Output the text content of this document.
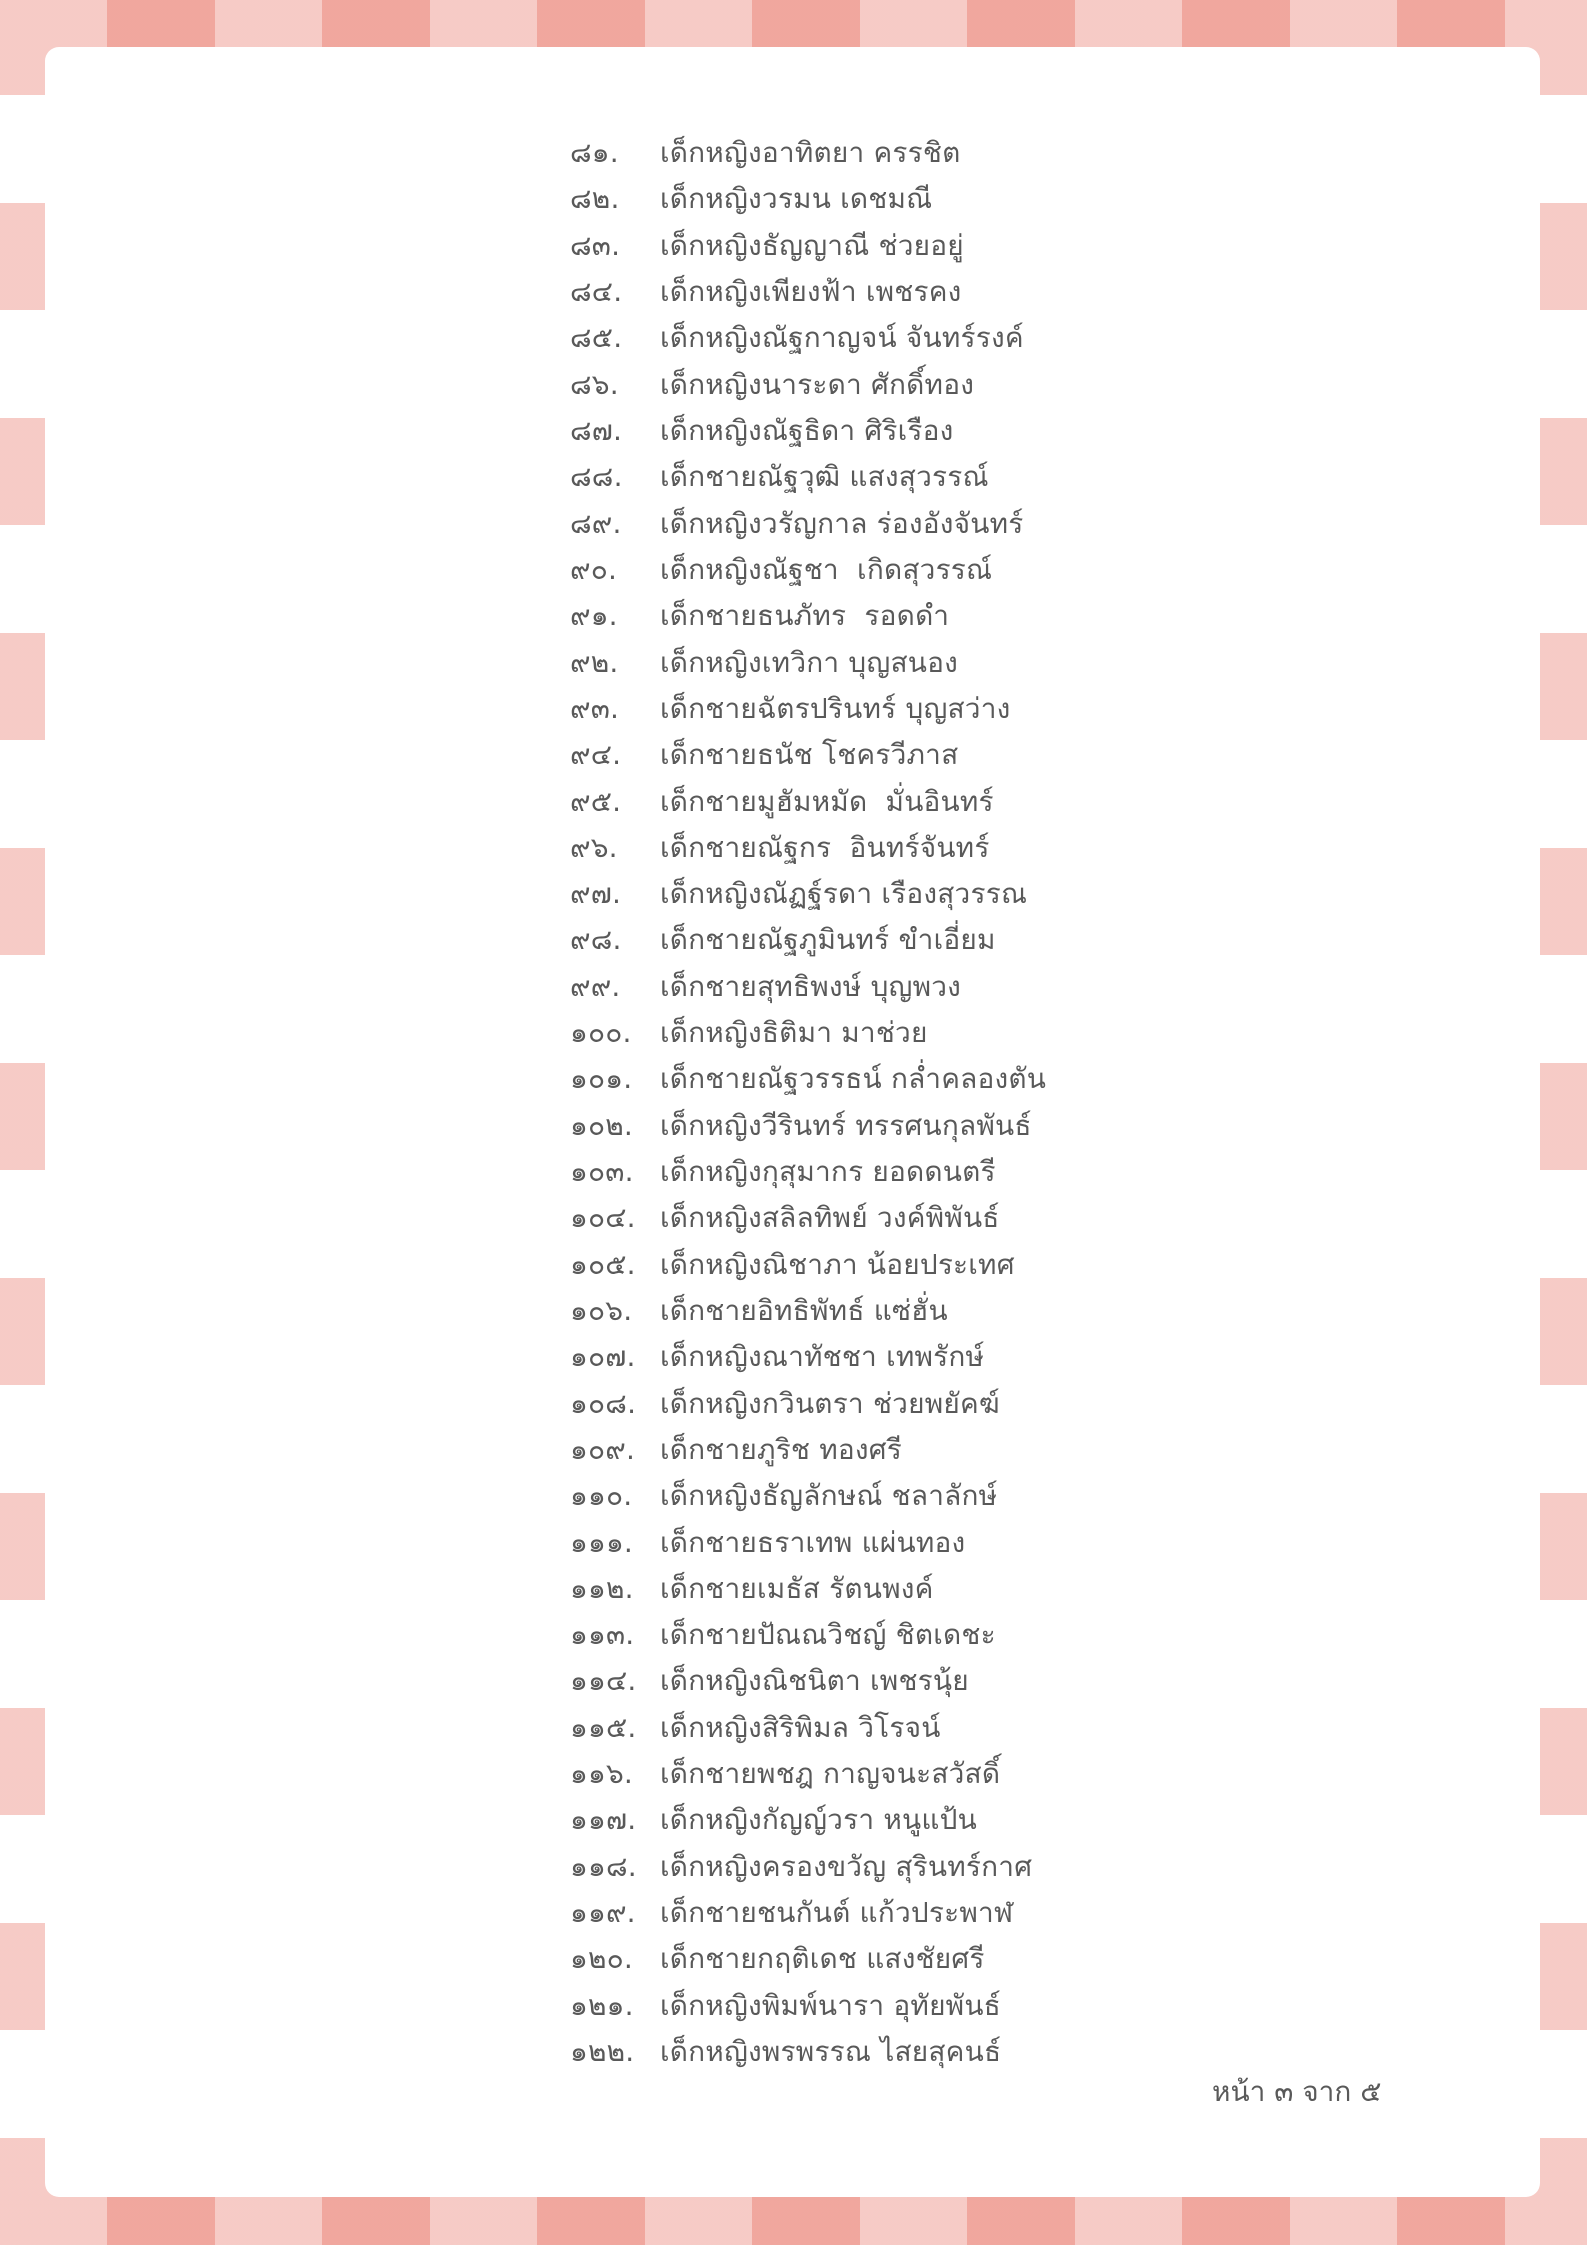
๘๑.	เด็กหญิงอาทิตยา ครรชิต
๘๒.	เด็กหญิงวรมน เดชมณี
๘๓.	เด็กหญิงธัญญาณี ช่วยอยู่
๘๔.	เด็กหญิงเพียงฟ้า เพชรคง
๘๕.	เด็กหญิงณัฐกาญจน์ จันทร์รงค์
๘๖.	เด็กหญิงนาระดา ศักดิ์ทอง
๘๗.	เด็กหญิงณัฐธิดา ศิริเรือง
๘๘.	เด็กชายณัฐวุฒิ แสงสุวรรณ์
๘๙.	เด็กหญิงวรัญกาล ร่องอังจันทร์
๙๐.	เด็กหญิงณัฐชา  เกิดสุวรรณ์
๙๑.	เด็กชายธนภัทร  รอดดำ
๙๒.	เด็กหญิงเทวิกา บุญสนอง
๙๓.	เด็กชายฉัตรปรินทร์ บุญสว่าง
๙๔.	เด็กชายธนัช โชครวีภาส
๙๕.	เด็กชายมูฮัมหมัด  มั่นอินทร์
๙๖.	เด็กชายณัฐกร  อินทร์จันทร์
๙๗.	เด็กหญิงณัฏฐ์รดา เรืองสุวรรณ
๙๘.	เด็กชายณัฐภูมินทร์ ขำเอี่ยม
๙๙.	เด็กชายสุทธิพงษ์ บุญพวง
๑๐๐.	เด็กหญิงธิติมา มาช่วย
๑๐๑. เด็กชายณัฐวรรธน์ กล่ำคลองตัน
๑๐๒. เด็กหญิงวีรินทร์ ทรรศนกุลพันธ์
๑๐๓. เด็กหญิงกุสุมากร ยอดดนตรี
๑๐๔. เด็กหญิงสลิลทิพย์ วงค์พิพันธ์
๑๐๕. เด็กหญิงณิชาภา น้อยประเทศ
๑๐๖. เด็กชายอิทธิพัทธ์ แซ่ฮั่น
๑๐๗. เด็กหญิงณาทัชชา เทพรักษ์
๑๐๘. เด็กหญิงกวินตรา ช่วยพยัคฆ์
๑๐๙. เด็กชายภูริช ทองศรี
๑๑๐. เด็กหญิงธัญลักษณ์ ชลาลักษ์
๑๑๑. เด็กชายธราเทพ แผ่นทอง
๑๑๒. เด็กชายเมธัส รัตนพงค์
๑๑๓. เด็กชายปัณณวิชญ์ ชิตเดชะ
๑๑๔. เด็กหญิงณิชนิตา เพชรนุ้ย
๑๑๕. เด็กหญิงสิริพิมล วิโรจน์
๑๑๖. เด็กชายพชฎ กาญจนะสวัสดิ์
๑๑๗. เด็กหญิงกัญญ์วรา หนูแป้น
๑๑๘. เด็กหญิงครองขวัญ สุรินทร์กาศ
๑๑๙. เด็กชายชนกันต์ แก้วประพาฬ
๑๒๐. เด็กชายกฤติเดช แสงชัยศรี
๑๒๑. เด็กหญิงพิมพ์นารา อุทัยพันธ์
๑๒๒. เด็กหญิงพรพรรณ ไสยสุคนธ์
หน้า ๓ จาก ๕
